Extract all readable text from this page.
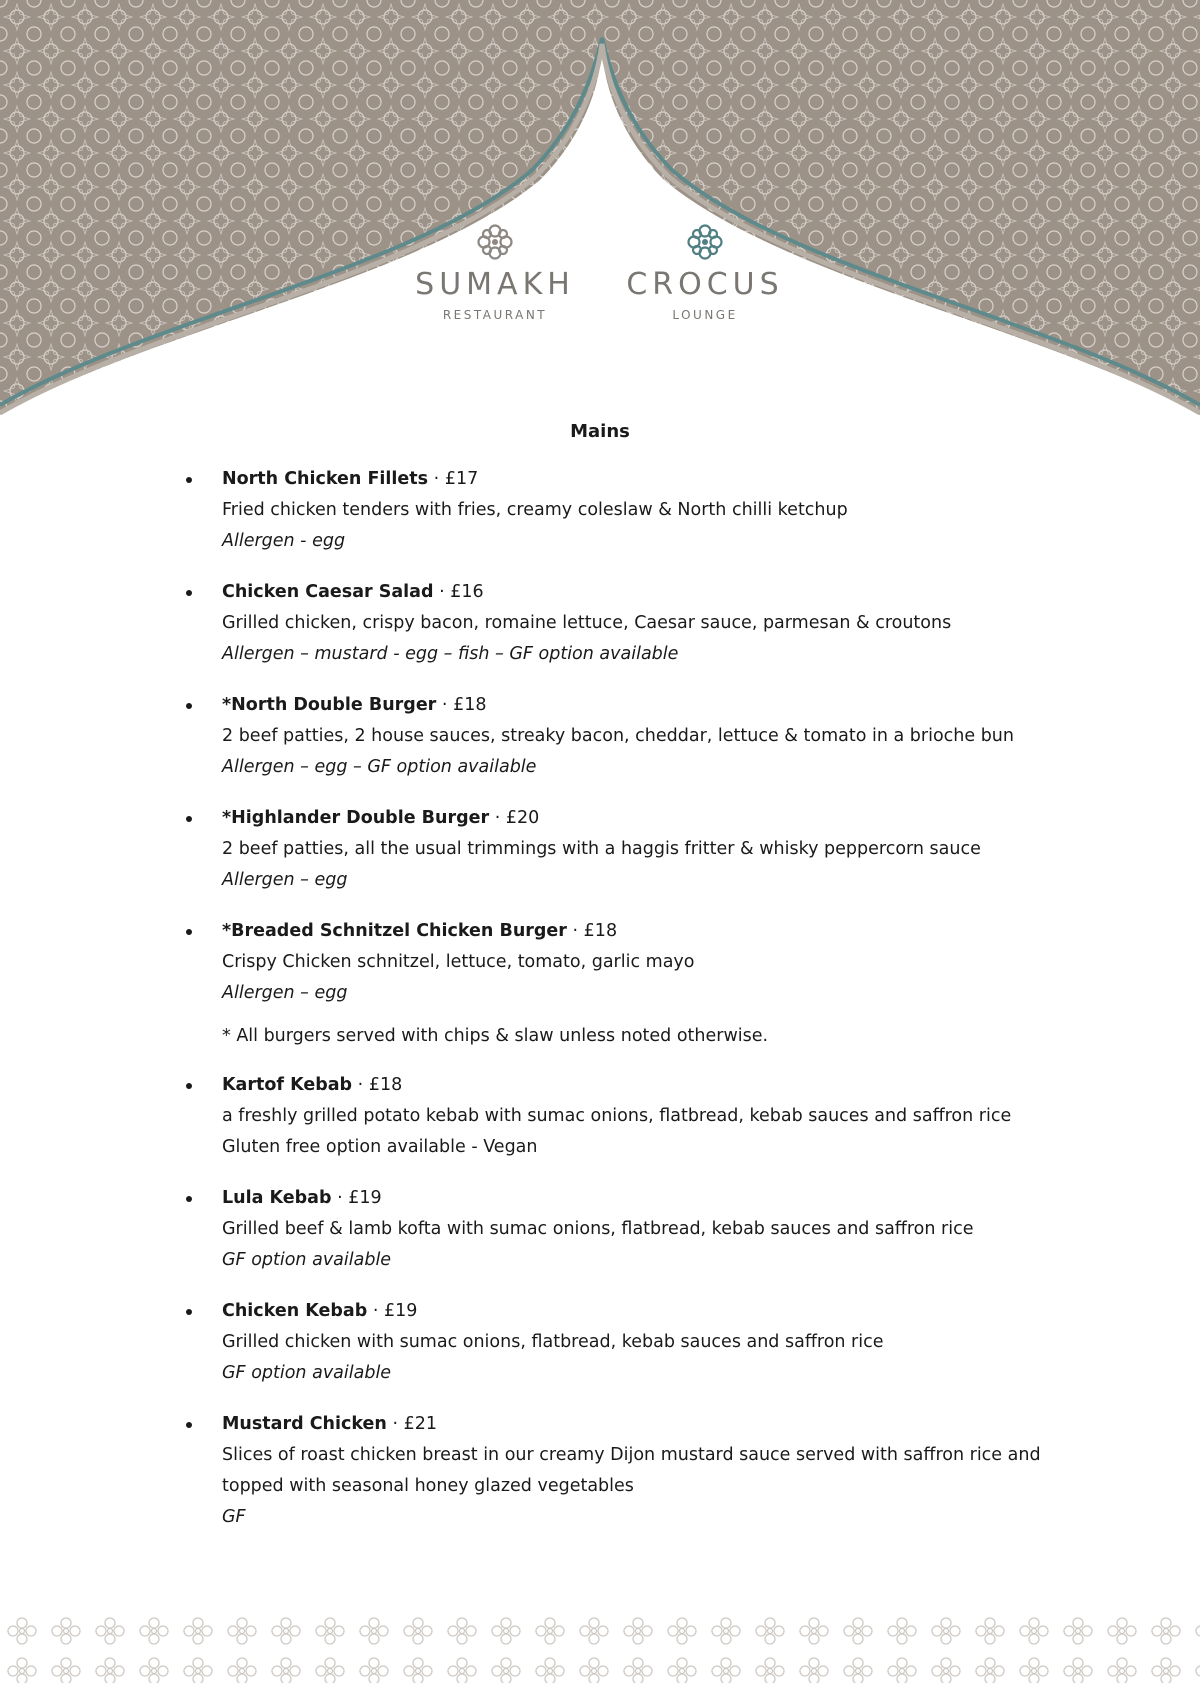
SUMAKH
RESTAURANT
CROCUS
LOUNGE
Mains
North Chicken Fillets · £17
Fried chicken tenders with fries, creamy coleslaw & North chilli ketchup
Allergen - egg
Chicken Caesar Salad · £16
Grilled chicken, crispy bacon, romaine lettuce, Caesar sauce, parmesan & croutons
Allergen – mustard - egg – fish – GF option available
*North Double Burger · £18
2 beef patties, 2 house sauces, streaky bacon, cheddar, lettuce & tomato in a brioche bun
Allergen – egg – GF option available
*Highlander Double Burger · £20
2 beef patties, all the usual trimmings with a haggis fritter & whisky peppercorn sauce
Allergen – egg
*Breaded Schnitzel Chicken Burger · £18
Crispy Chicken schnitzel, lettuce, tomato, garlic mayo
Allergen – egg
* All burgers served with chips & slaw unless noted otherwise.
Kartof Kebab · £18
a freshly grilled potato kebab with sumac onions, flatbread, kebab sauces and saffron rice
Gluten free option available - Vegan
Lula Kebab · £19
Grilled beef & lamb kofta with sumac onions, flatbread, kebab sauces and saffron rice
GF option available
Chicken Kebab · £19
Grilled chicken with sumac onions, flatbread, kebab sauces and saffron rice
GF option available
Mustard Chicken · £21
Slices of roast chicken breast in our creamy Dijon mustard sauce served with saffron rice and
topped with seasonal honey glazed vegetables
GF
